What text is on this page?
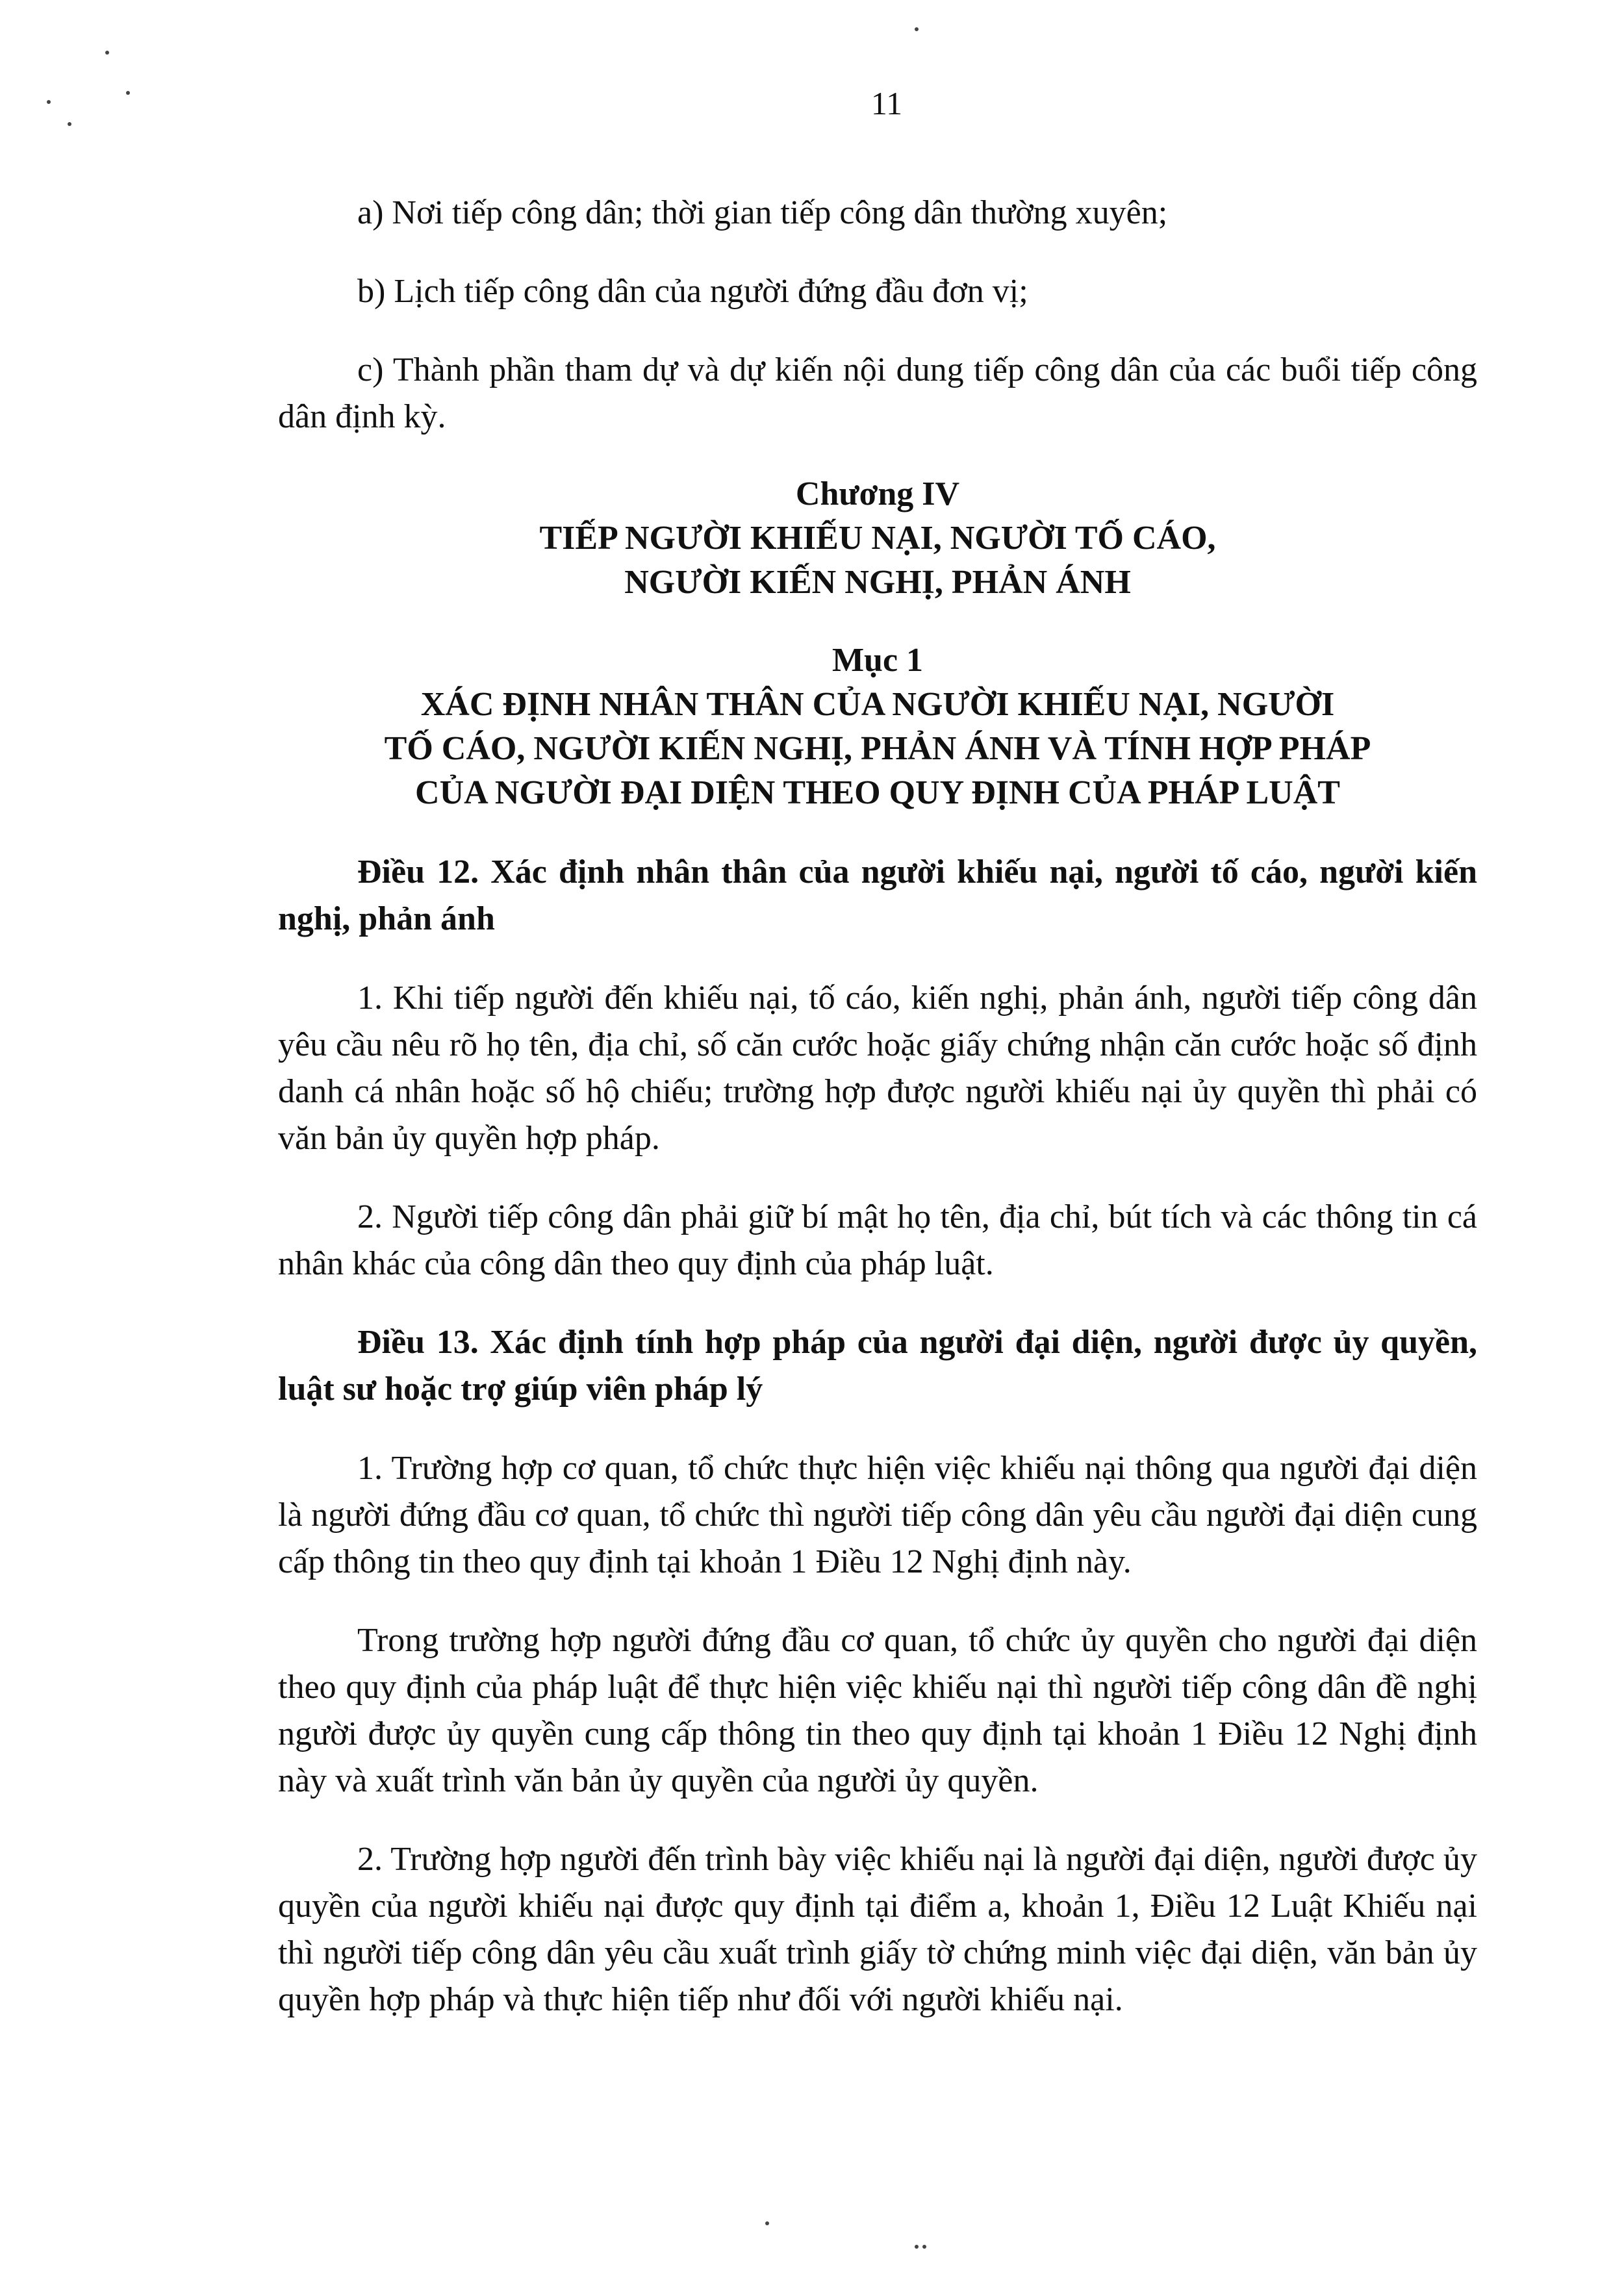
11

a) Nơi tiếp công dân; thời gian tiếp công dân thường xuyên;

b) Lịch tiếp công dân của người đứng đầu đơn vị;

c) Thành phần tham dự và dự kiến nội dung tiếp công dân của các buổi tiếp công dân định kỳ.

Chương IV

TIẾP NGƯỜI KHIẾU NẠI, NGƯỜI TỐ CÁO,

NGƯỜI KIẾN NGHỊ, PHẢN ÁNH

Mục 1

XÁC ĐỊNH NHÂN THÂN CỦA NGƯỜI KHIẾU NẠI, NGƯỜI

TỐ CÁO, NGƯỜI KIẾN NGHỊ, PHẢN ÁNH VÀ TÍNH HỢP PHÁP

CỦA NGƯỜI ĐẠI DIỆN THEO QUY ĐỊNH CỦA PHÁP LUẬT

Điều 12. Xác định nhân thân của người khiếu nại, người tố cáo, người kiến nghị, phản ánh

1. Khi tiếp người đến khiếu nại, tố cáo, kiến nghị, phản ánh, người tiếp công dân yêu cầu nêu rõ họ tên, địa chỉ, số căn cước hoặc giấy chứng nhận căn cước hoặc số định danh cá nhân hoặc số hộ chiếu; trường hợp được người khiếu nại ủy quyền thì phải có văn bản ủy quyền hợp pháp.

2. Người tiếp công dân phải giữ bí mật họ tên, địa chỉ, bút tích và các thông tin cá nhân khác của công dân theo quy định của pháp luật.

Điều 13. Xác định tính hợp pháp của người đại diện, người được ủy quyền, luật sư hoặc trợ giúp viên pháp lý

1. Trường hợp cơ quan, tổ chức thực hiện việc khiếu nại thông qua người đại diện là người đứng đầu cơ quan, tổ chức thì người tiếp công dân yêu cầu người đại diện cung cấp thông tin theo quy định tại khoản 1 Điều 12 Nghị định này.

Trong trường hợp người đứng đầu cơ quan, tổ chức ủy quyền cho người đại diện theo quy định của pháp luật để thực hiện việc khiếu nại thì người tiếp công dân đề nghị người được ủy quyền cung cấp thông tin theo quy định tại khoản 1 Điều 12 Nghị định này và xuất trình văn bản ủy quyền của người ủy quyền.

2. Trường hợp người đến trình bày việc khiếu nại là người đại diện, người được ủy quyền của người khiếu nại được quy định tại điểm a, khoản 1, Điều 12 Luật Khiếu nại thì người tiếp công dân yêu cầu xuất trình giấy tờ chứng minh việc đại diện, văn bản ủy quyền hợp pháp và thực hiện tiếp như đối với người khiếu nại.
